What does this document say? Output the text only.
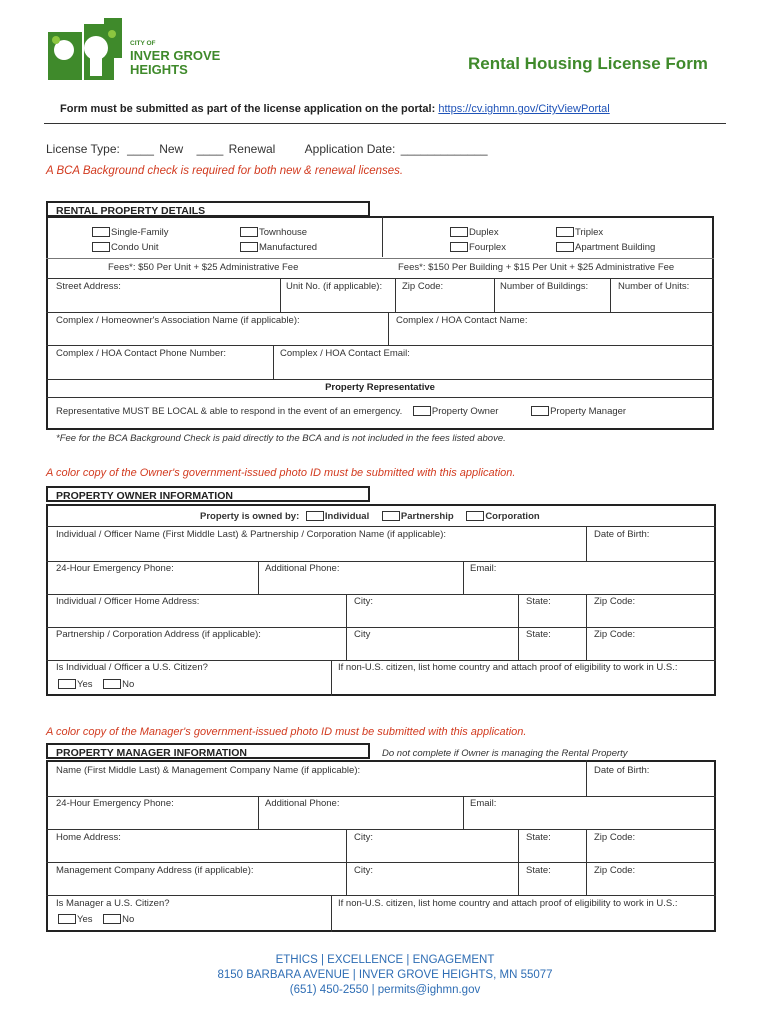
CITY OF
INVER GROVE
HEIGHTS	Rental Housing License Form
Form must be submitted as part of the license application on the portal: https://cv.ighmn.gov/CityViewPortal
License Type: ____ New ____ Renewal Application Date: _____________
A BCA Background check is required for both new & renewal licenses.
RENTAL PROPERTY DETAILS
Single-Family
Condo Unit
Townhouse
Manufactured
Duplex
Fourplex
Triplex
Apartment Building
Fees*: $50 Per Unit + $25 Administrative Fee	Fees*: $150 Per Building + $15 Per Unit + $25 Administrative Fee
Street Address:	Unit No. (if applicable): Zip Code:	Number of Buildings:	Number of Units:
Complex / Homeowner's Association Name (if applicable):	Complex / HOA Contact Name:
Complex / HOA Contact Phone Number:	Complex / HOA Contact Email:
Property Representative
Representative MUST BE LOCAL & able to respond in the event of an emergency.	Property Owner	Property Manager
*Fee for the BCA Background Check is paid directly to the BCA and is not included in the fees listed above.
A color copy of the Owner's government-issued photo ID must be submitted with this application.
PROPERTY OWNER INFORMATION
Property is owned by:	Individual	Partnership	Corporation
Individual / Officer Name (First Middle Last) & Partnership / Corporation Name (if applicable):	Date of Birth:
24-Hour Emergency Phone:	Additional Phone:	Email:
Individual / Officer Home Address:	City:	State:	Zip Code:
Partnership / Corporation Address (if applicable):	City	State:	Zip Code:
Is Individual / Officer a U.S. Citizen?
Yes	No
If non-U.S. citizen, list home country and attach proof of eligibility to work in U.S.:
A color copy of the Manager's government-issued photo ID must be submitted with this application.
PROPERTY MANAGER INFORMATION	Do not complete if Owner is managing the Rental Property
Name (First Middle Last) & Management Company Name (if applicable):	Date of Birth:
24-Hour Emergency Phone:	Additional Phone:	Email:
Home Address:	City:	State:	Zip Code:
Management Company Address (if applicable):	City:	State:	Zip Code:
Is Manager a U.S. Citizen?
Yes	No
If non-U.S. citizen, list home country and attach proof of eligibility to work in U.S.:
ETHICS | EXCELLENCE | ENGAGEMENT
8150 BARBARA AVENUE | INVER GROVE HEIGHTS, MN 55077
(651) 450-2550 | permits@ighmn.gov
